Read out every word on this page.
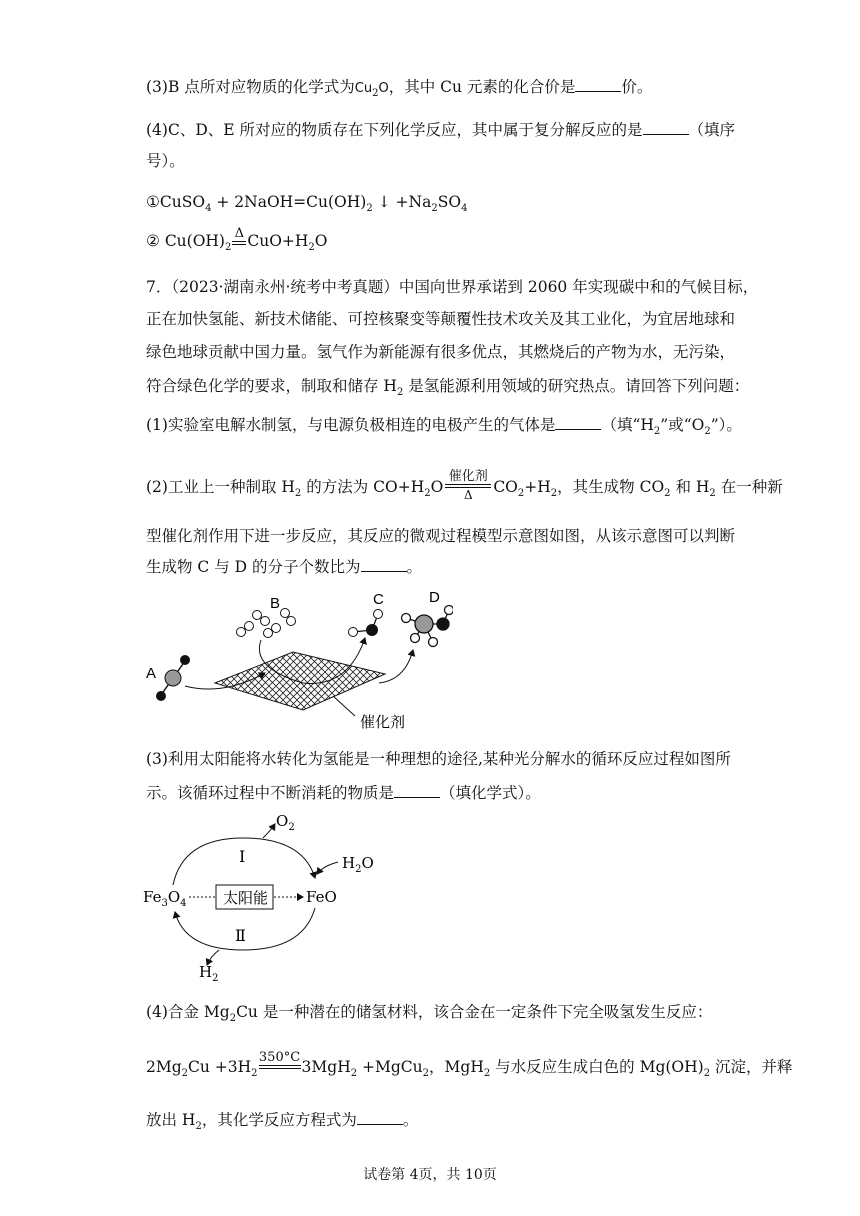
(3)B 点所对应物质的化学式为$Cu_2O$，其中 Cu 元素的化合价是	价。
(4)C、D、E 所对应的物质存在下列化学反应，其中属于复分解反应的是	（填序
号）。
①CuSO$_4$ + $2NaOH=Cu(OH)_2$ ↓ $+Na_2SO_4$
② $Cu(OH)_2$
Δ $CuO+H_2O$
7．（2023·湖南永州·统考中考真题）中国向世界承诺到 2060 年实现碳中和的气候目标，
正在加快氢能、新技术储能、可控核聚变等颠覆性技术攻关及其工业化，为宜居地球和
绿色地球贡献中国力量。氢气作为新能源有很多优点，其燃烧后的产物为水，无污染，
符合绿色化学的要求，制取和储存 $H_2$ 是氢能源利用领域的研究热点。请回答下列问题：
(1)实验室电解水制氢，与电源负极相连的电极产生的气体是	（填“$H_2$”或“$O_2$”）。
(2)工业上一种制取 $H_2$ 的方法为 $CO+H_2O \frac{\text{催化剂}}{\Delta} CO_2+H_2$，其生成物 $CO_2$ 和 $H_2$ 在一种新
型催化剂作用下进一步反应，其反应的微观过程模型示意图如图，从该示意图可以判断
生成物 C 与 D 的分子个数比为	。
A
B	C	D
催化剂
(3)利用太阳能将水转化为氢能是一种理想的途径,某种光分解水的循环反应过程如图所
示。该循环过程中不断消耗的物质是	（填化学式）。
$O_2$
Ⅰ	$H_2O$
$Fe_3O_4$ 太阳能	FeO
Ⅱ
$H_2$
(4)合金 $Mg_2Cu$ 是一种潜在的储氢材料，该合金在一定条件下完全吸氢发生反应：
$2Mg_2Cu +3H_2$
350°C
3MgH$_2$ +MgCu$_2$，MgH$_2$ 与水反应生成白色的 $Mg(OH)_2$ 沉淀，并释
放出 $H_2$，其化学反应方程式为	。
试卷第 4页，共 10页
